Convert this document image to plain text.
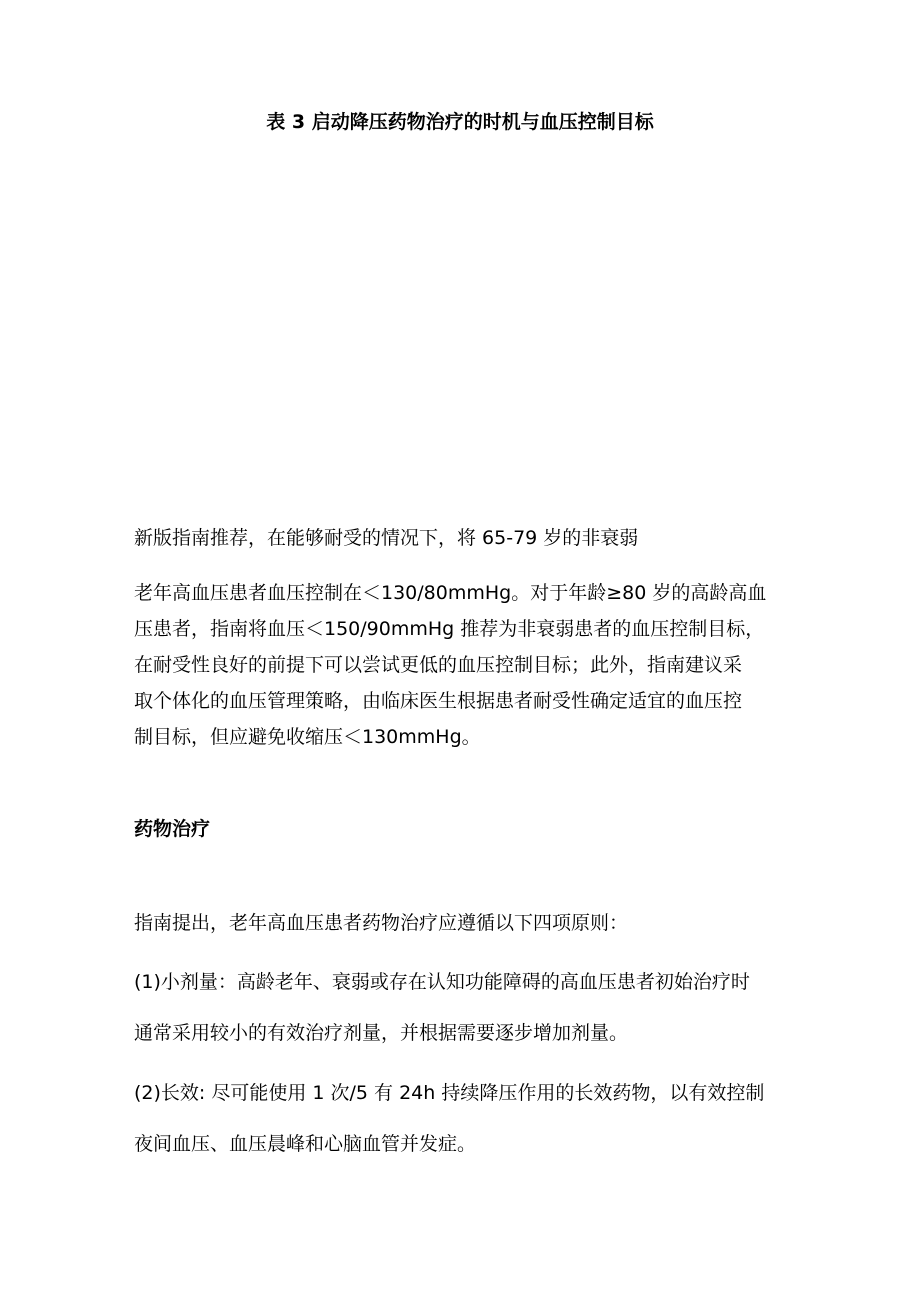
表 3 启动降压药物治疗的时机与血压控制目标
新版指南推荐，在能够耐受的情况下，将 65-79 岁的非衰弱
老年高血压患者血压控制在＜130/80mmHg。对于年龄≥80 岁的高龄高血
压患者，指南将血压＜150/90mmHg 推荐为非衰弱患者的血压控制目标，
在耐受性良好的前提下可以尝试更低的血压控制目标；此外，指南建议采
取个体化的血压管理策略，由临床医生根据患者耐受性确定适宜的血压控
制目标，但应避免收缩压＜130mmHg。
药物治疗
指南提出，老年高血压患者药物治疗应遵循以下四项原则：
(1)小剂量：高龄老年、衰弱或存在认知功能障碍的高血压患者初始治疗时
通常采用较小的有效治疗剂量，并根据需要逐步增加剂量。
(2)长效: 尽可能使用 1 次/5 有 24h 持续降压作用的长效药物，以有效控制
夜间血压、血压晨峰和心脑血管并发症。
